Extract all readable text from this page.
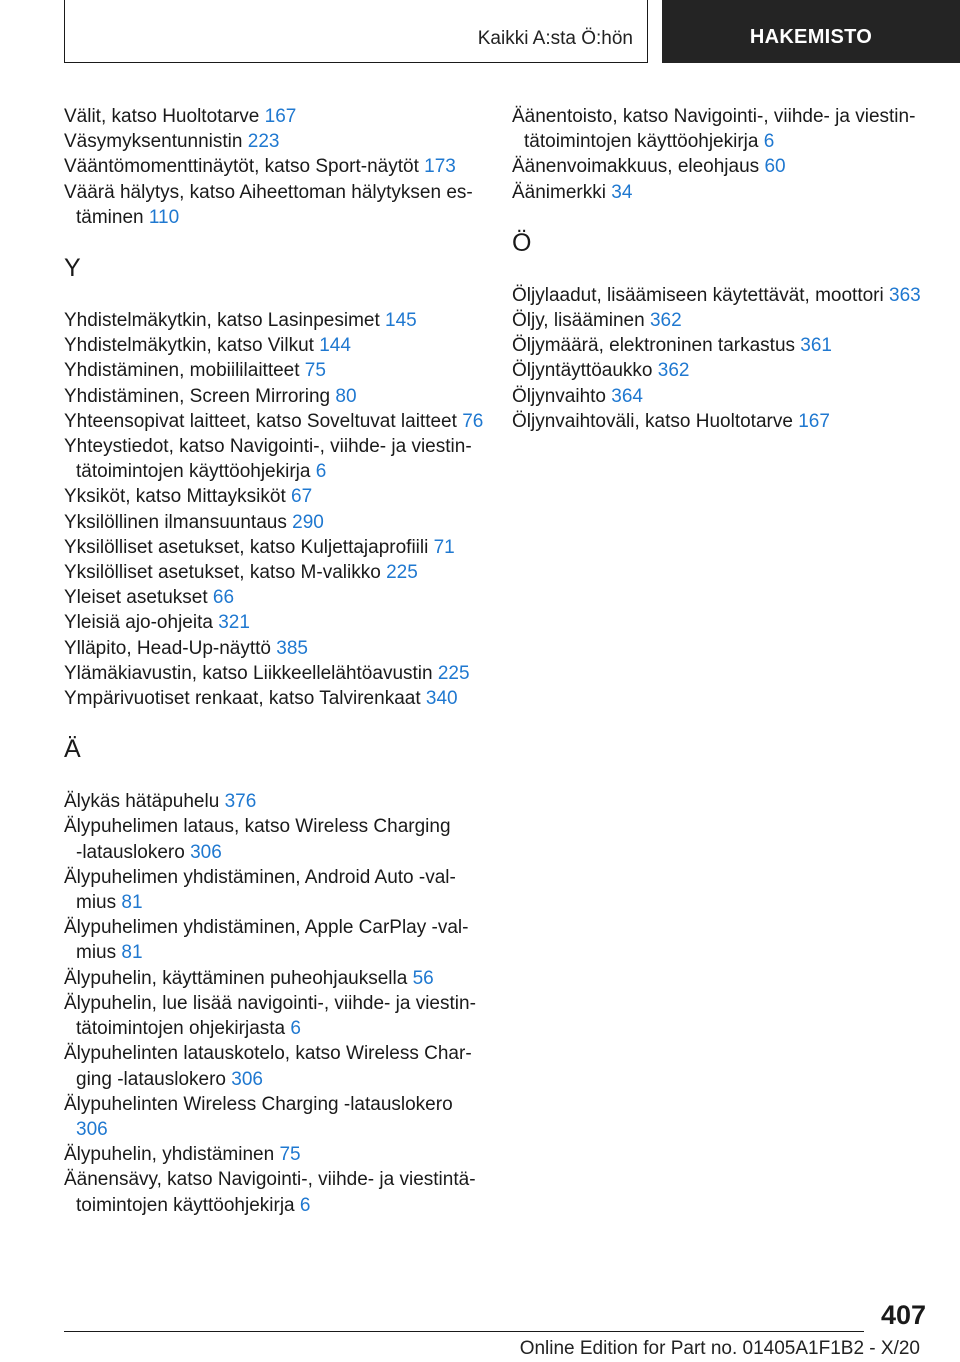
Kaikki A:sta Ö:hön	HAKEMISTO
Välit, katso Huoltotarve 167
Väsymyksentunnistin 223
Vääntömomenttinäytöt, katso Sport-näytöt 173
Väärä hälytys, katso Aiheettoman hälytyksen estäminen 110
Y
Yhdistelmäkytkin, katso Lasinpesimet 145
Yhdistelmäkytkin, katso Vilkut 144
Yhdistäminen, mobiililaitteet 75
Yhdistäminen, Screen Mirroring 80
Yhteensopivat laitteet, katso Soveltuvat laitteet 76
Yhteystiedot, katso Navigointi-, viihde- ja viestintätoimintojen käyttöohjekirja 6
Yksiköt, katso Mittayksiköt 67
Yksilöllinen ilmansuuntaus 290
Yksilölliset asetukset, katso Kuljettajaprofiili 71
Yksilölliset asetukset, katso M-valikko 225
Yleiset asetukset 66
Yleisiä ajo-ohjeita 321
Ylläpito, Head-Up-näyttö 385
Ylämäkiavustin, katso Liikkeellelähtöavustin 225
Ympärivuotiset renkaat, katso Talvirenkaat 340
Ä
Älykäs hätäpuhelu 376
Älypuhelimen lataus, katso Wireless Charging ‑latauslokero 306
Älypuhelimen yhdistäminen, Android Auto ‑valmius 81
Älypuhelimen yhdistäminen, Apple CarPlay ‑valmius 81
Älypuhelin, käyttäminen puheohjauksella 56
Älypuhelin, lue lisää navigointi-, viihde- ja viestintätoimintojen ohjekirjasta 6
Älypuhelinten latauskotelo, katso Wireless Charging ‑latauslokero 306
Älypuhelinten Wireless Charging ‑latauslokero 306
Älypuhelin, yhdistäminen 75
Äänensävy, katso Navigointi-, viihde- ja viestintätoimintojen käyttöohjekirja 6
Äänentoisto, katso Navigointi-, viihde- ja viestintätoimintojen käyttöohjekirja 6
Äänenvoimakkuus, eleohjaus 60
Äänimerkki 34
Ö
Öljylaadut, lisäämiseen käytettävät, moottori 363
Öljy, lisääminen 362
Öljymäärä, elektroninen tarkastus 361
Öljyntäyttöaukko 362
Öljynvaihto 364
Öljynvaihtoväli, katso Huoltotarve 167
407
Online Edition for Part no. 01405A1F1B2 - X/20
